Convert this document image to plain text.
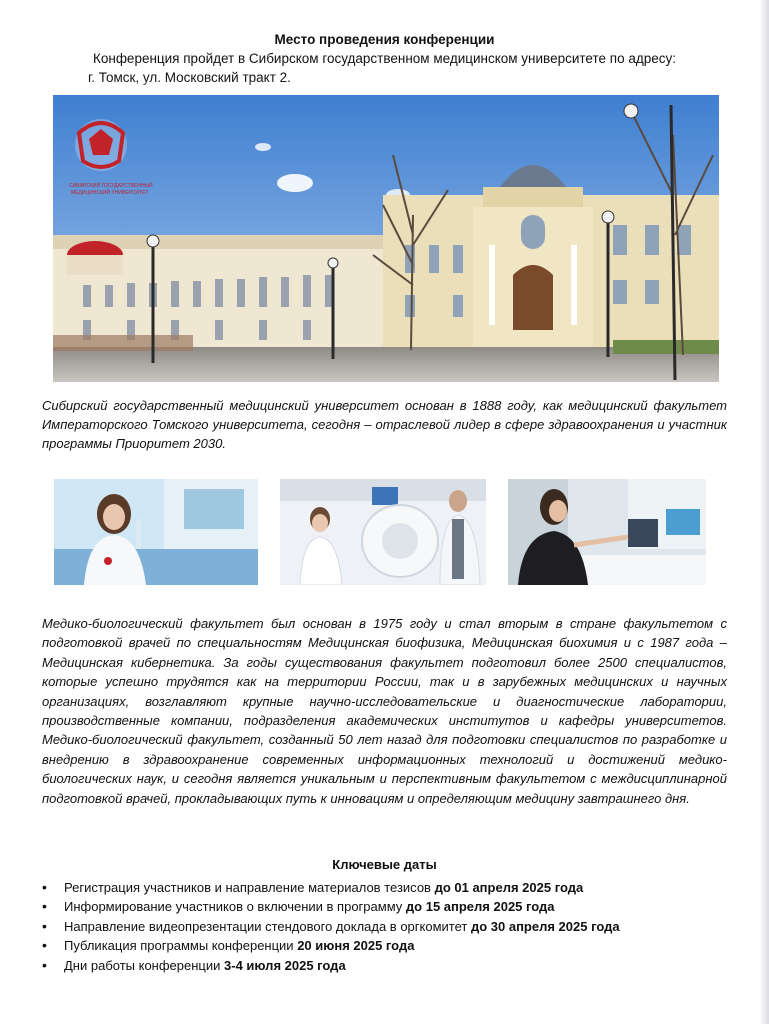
Место проведения конференции
Конференция пройдет в Сибирском государственном медицинском университете по адресу:
г. Томск, ул. Московский тракт 2.
СИБИРСКИЙ ГОСУДАРСТВЕННЫЙ
МЕДИЦИНСКИЙ УНИВЕРСИТЕТ
Сибирский государственный медицинский университет основан в 1888 году, как медицинский факультет Императорского Томского университета, сегодня – отраслевой лидер в сфере здравоохранения и участник программы Приоритет 2030.
Медико-биологический факультет был основан в 1975 году и стал вторым в стране факультетом с подготовкой врачей по специальностям Медицинская биофизика, Медицинская биохимия и с 1987 года – Медицинская кибернетика. За годы существования факультет подготовил более 2500 специалистов, которые успешно трудятся как на территории России, так и в зарубежных медицинских и научных организациях, возглавляют крупные научно-исследовательские и диагностические лаборатории, производственные компании, подразделения академических институтов и кафедры университетов. Медико-биологический факультет, созданный 50 лет назад для подготовки специалистов по разработке и внедрению в здравоохранение современных информационных технологий и достижений медико-биологических наук, и сегодня является уникальным и перспективным факультетом с междисциплинарной подготовкой врачей, прокладывающих путь к инновациям и определяющим медицину завтрашнего дня.
Ключевые даты
• Регистрация участников и направление материалов тезисов до 01 апреля 2025 года
• Информирование участников о включении в программу до 15 апреля 2025 года
• Направление видеопрезентации стендового доклада в оргкомитет до 30 апреля 2025 года
• Публикация программы конференции 20 июня 2025 года
• Дни работы конференции 3-4 июля 2025 года
